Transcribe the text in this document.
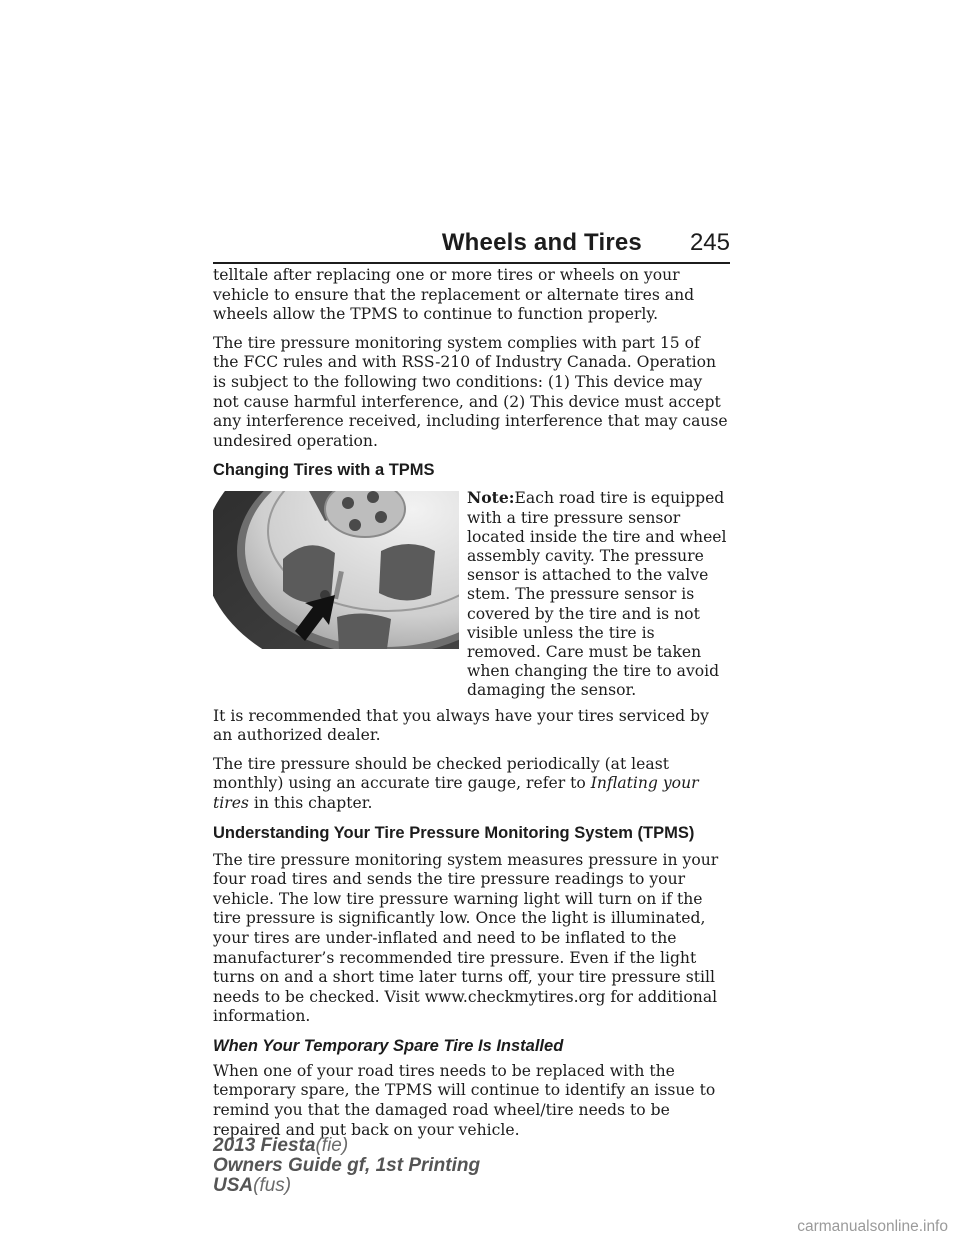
Wheels and Tires 245

telltale after replacing one or more tires or wheels on your vehicle to ensure that the replacement or alternate tires and wheels allow the TPMS to continue to function properly.

The tire pressure monitoring system complies with part 15 of the FCC rules and with RSS-210 of Industry Canada. Operation is subject to the following two conditions: (1) This device may not cause harmful interference, and (2) This device must accept any interference received, including interference that may cause undesired operation.

Changing Tires with a TPMS

Note:Each road tire is equipped with a tire pressure sensor located inside the tire and wheel assembly cavity. The pressure sensor is attached to the valve stem. The pressure sensor is covered by the tire and is not visible unless the tire is removed. Care must be taken when changing the tire to avoid damaging the sensor.

It is recommended that you always have your tires serviced by an authorized dealer.

The tire pressure should be checked periodically (at least monthly) using an accurate tire gauge, refer to Inflating your tires in this chapter.

Understanding Your Tire Pressure Monitoring System (TPMS)

The tire pressure monitoring system measures pressure in your four road tires and sends the tire pressure readings to your vehicle. The low tire pressure warning light will turn on if the tire pressure is significantly low. Once the light is illuminated, your tires are under-inflated and need to be inflated to the manufacturer’s recommended tire pressure. Even if the light turns on and a short time later turns off, your tire pressure still needs to be checked. Visit www.checkmytires.org for additional information.

When Your Temporary Spare Tire Is Installed

When one of your road tires needs to be replaced with the temporary spare, the TPMS will continue to identify an issue to remind you that the damaged road wheel/tire needs to be repaired and put back on your vehicle.

2013 Fiesta(fie)
Owners Guide gf, 1st Printing
USA(fus)
carmanualsonline.info
